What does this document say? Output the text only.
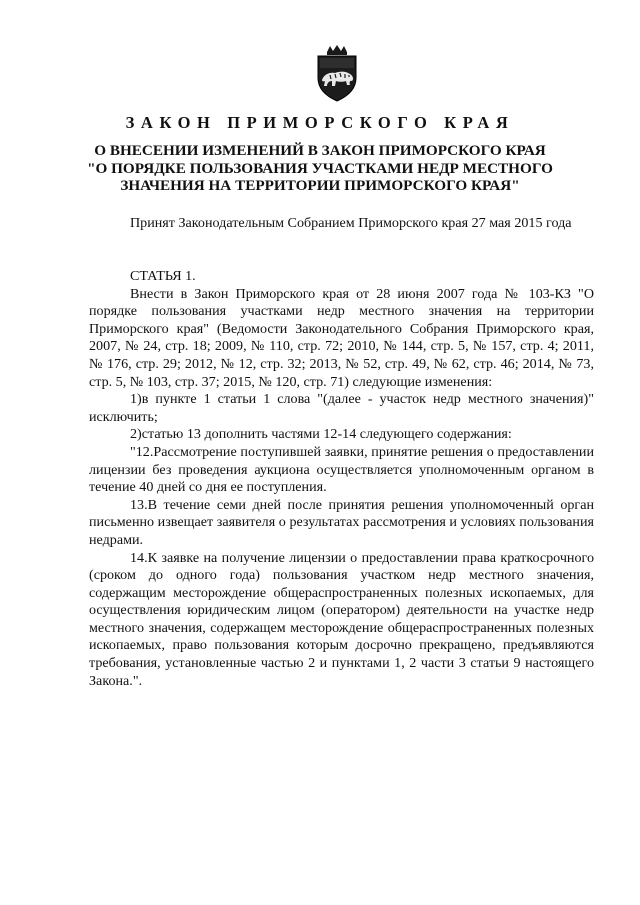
ЗАКОН ПРИМОРСКОГО КРАЯ
О ВНЕСЕНИИ ИЗМЕНЕНИЙ В ЗАКОН ПРИМОРСКОГО КРАЯ
"О ПОРЯДКЕ ПОЛЬЗОВАНИЯ УЧАСТКАМИ НЕДР МЕСТНОГО
ЗНАЧЕНИЯ НА ТЕРРИТОРИИ ПРИМОРСКОГО КРАЯ"

Принят Законодательным Собранием Приморского края 27 мая 2015 года

СТАТЬЯ 1.

Внести в Закон Приморского края от 28 июня 2007 года № 103-КЗ "О порядке пользования участками недр местного значения на территории Приморского края" (Ведомости Законодательного Собрания Приморского края, 2007, № 24, стр. 18; 2009, № 110, стр. 72; 2010, № 144, стр. 5, № 157, стр. 4; 2011, № 176, стр. 29; 2012, № 12, стр. 32; 2013, № 52, стр. 49, № 62, стр. 46; 2014, № 73, стр. 5, № 103, стр. 37; 2015, № 120, стр. 71) следующие изменения:

1)в пункте 1 статьи 1 слова "(далее - участок недр местного значения)" исключить;

2)статью 13 дополнить частями 12-14 следующего содержания:

"12.Рассмотрение поступившей заявки, принятие решения о предоставлении лицензии без проведения аукциона осуществляется уполномоченным органом в течение 40 дней со дня ее поступления.

13.В течение семи дней после принятия решения уполномоченный орган письменно извещает заявителя о результатах рассмотрения и условиях пользования недрами.

14.К заявке на получение лицензии о предоставлении права краткосрочного (сроком до одного года) пользования участком недр местного значения, содержащим месторождение общераспространенных полезных ископаемых, для осуществления юридическим лицом (оператором) деятельности на участке недр местного значения, содержащем месторождение общераспространенных полезных ископаемых, право пользования которым досрочно прекращено, предъявляются требования, установленные частью 2 и пунктами 1, 2 части 3 статьи 9 настоящего Закона.".
